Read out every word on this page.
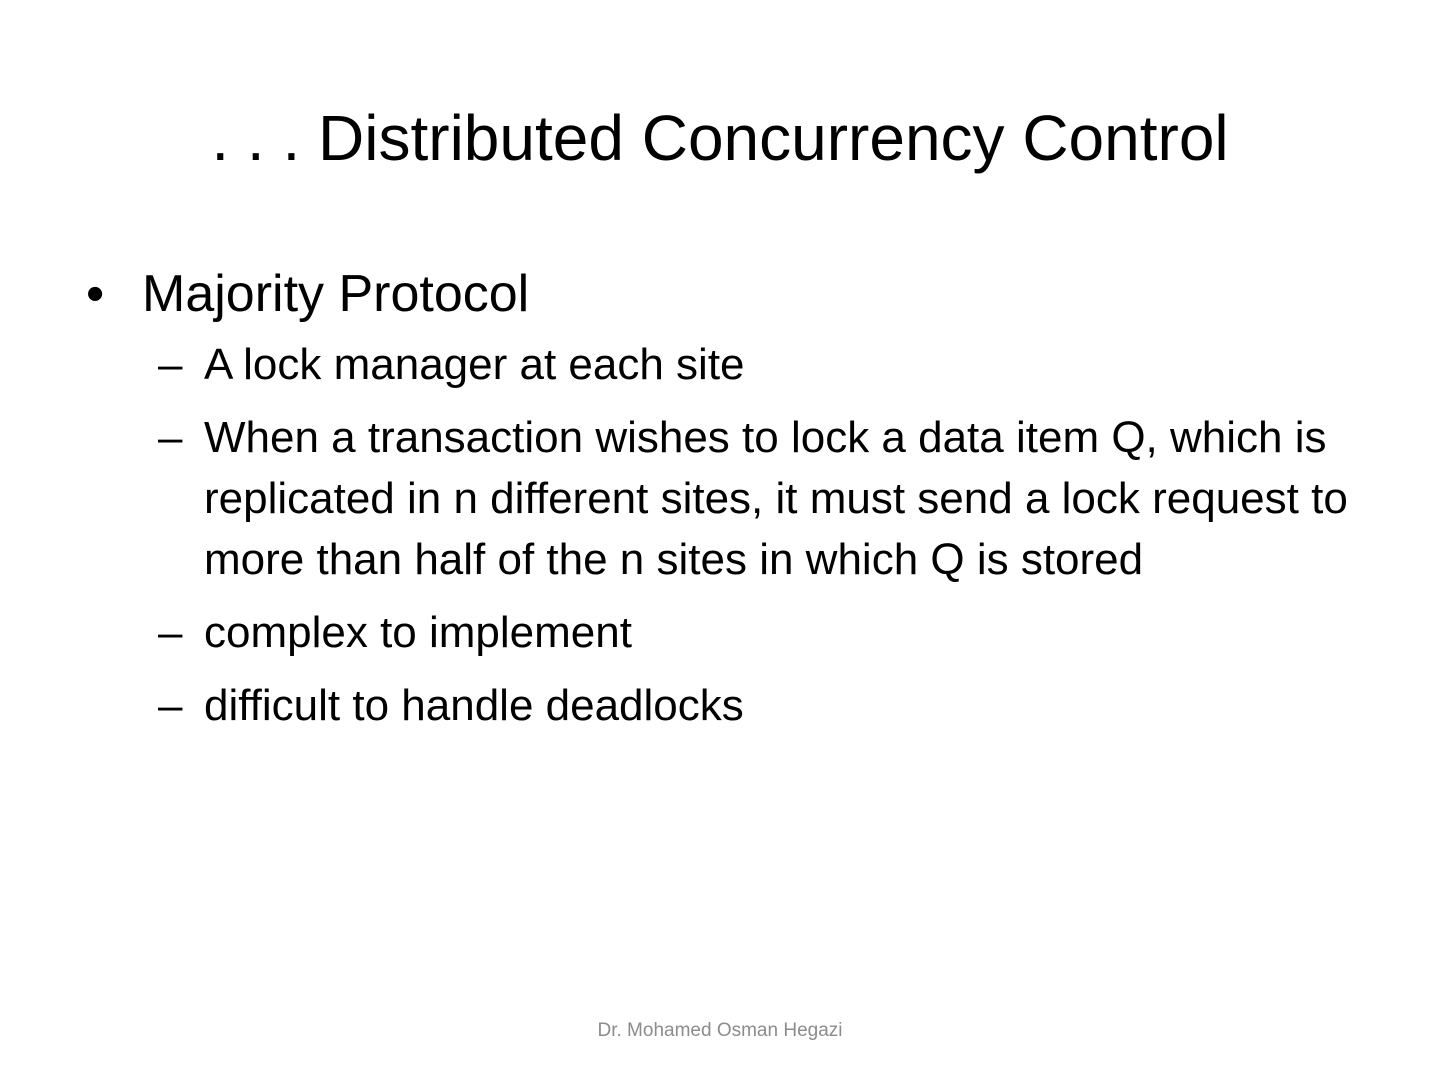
. . . Distributed Concurrency Control
• Majority Protocol
– A lock manager at each site
– When a transaction wishes to lock a data item Q, which is replicated in n different sites, it must send a lock request to more than half of the n sites in which Q is stored
– complex to implement
– difficult to handle deadlocks
Dr. Mohamed Osman Hegazi
